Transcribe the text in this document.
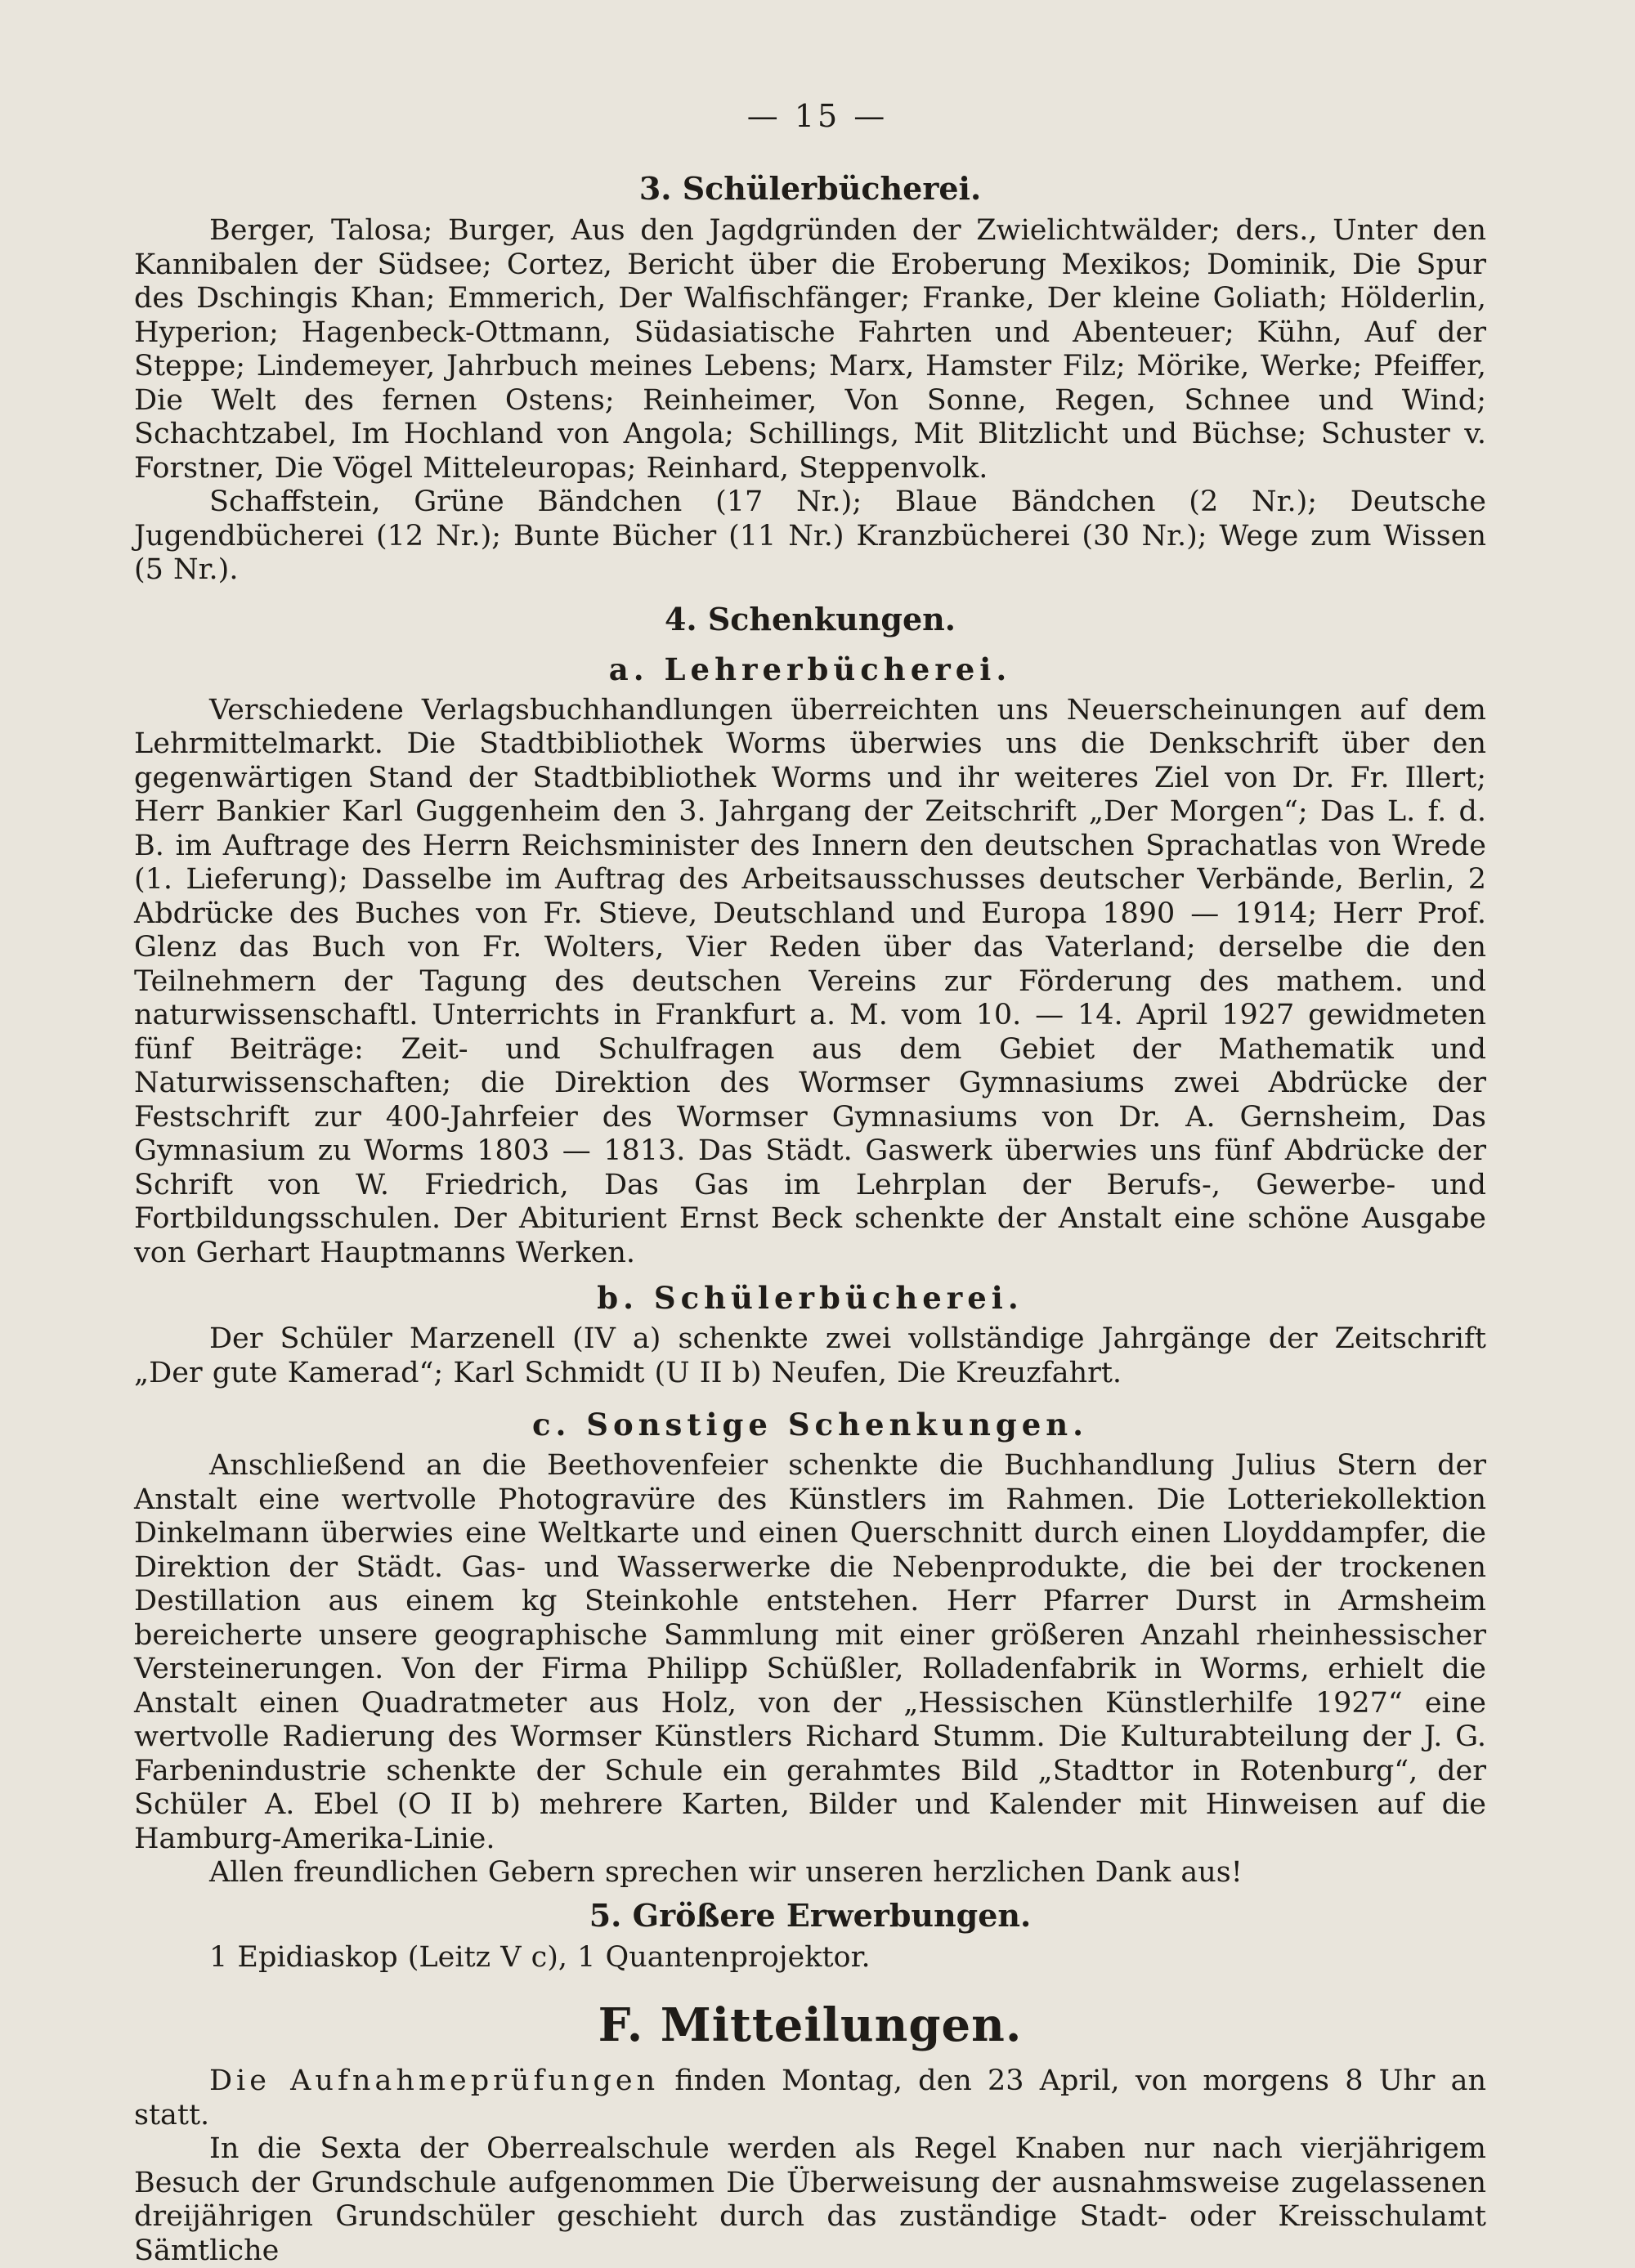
— 15 —
3. Schülerbücherei.

Berger, Talosa; Burger, Aus den Jagdgründen der Zwielichtwälder; ders., Unter den Kannibalen der Südsee; Cortez, Bericht über die Eroberung Mexikos; Dominik, Die Spur des Dschingis Khan; Emmerich, Der Walfischfänger; Franke, Der kleine Goliath; Hölderlin, Hyperion; Hagenbeck-Ottmann, Südasiatische Fahrten und Abenteuer; Kühn, Auf der Steppe; Lindemeyer, Jahrbuch meines Lebens; Marx, Hamster Filz; Mörike, Werke; Pfeiffer, Die Welt des fernen Ostens; Reinheimer, Von Sonne, Regen, Schnee und Wind; Schachtzabel, Im Hochland von Angola; Schillings, Mit Blitzlicht und Büchse; Schuster v. Forstner, Die Vögel Mitteleuropas; Reinhard, Steppenvolk.

Schaffstein, Grüne Bändchen (17 Nr.); Blaue Bändchen (2 Nr.); Deutsche Jugendbücherei (12 Nr.); Bunte Bücher (11 Nr.) Kranzbücherei (30 Nr.); Wege zum Wissen (5 Nr.).

4. Schenkungen.
a. Lehrerbücherei.

Verschiedene Verlagsbuchhandlungen überreichten uns Neuerscheinungen auf dem Lehrmittelmarkt. Die Stadtbibliothek Worms überwies uns die Denkschrift über den gegenwärtigen Stand der Stadtbibliothek Worms und ihr weiteres Ziel von Dr. Fr. Illert; Herr Bankier Karl Guggenheim den 3. Jahrgang der Zeitschrift „Der Morgen“; Das L. f. d. B. im Auftrage des Herrn Reichsminister des Innern den deutschen Sprachatlas von Wrede (1. Lieferung); Dasselbe im Auftrag des Arbeitsausschusses deutscher Verbände, Berlin, 2 Abdrücke des Buches von Fr. Stieve, Deutschland und Europa 1890 — 1914; Herr Prof. Glenz das Buch von Fr. Wolters, Vier Reden über das Vaterland; derselbe die den Teilnehmern der Tagung des deutschen Vereins zur Förderung des mathem. und naturwissenschaftl. Unterrichts in Frankfurt a. M. vom 10. — 14. April 1927 gewidmeten fünf Beiträge: Zeit- und Schulfragen aus dem Gebiet der Mathematik und Naturwissenschaften; die Direktion des Wormser Gymnasiums zwei Abdrücke der Festschrift zur 400-Jahrfeier des Wormser Gymnasiums von Dr. A. Gernsheim, Das Gymnasium zu Worms 1803 — 1813. Das Städt. Gaswerk überwies uns fünf Abdrücke der Schrift von W. Friedrich, Das Gas im Lehrplan der Berufs-, Gewerbe- und Fortbildungsschulen. Der Abiturient Ernst Beck schenkte der Anstalt eine schöne Ausgabe von Gerhart Hauptmanns Werken.

b. Schülerbücherei.

Der Schüler Marzenell (IV a) schenkte zwei vollständige Jahrgänge der Zeitschrift „Der gute Kamerad“; Karl Schmidt (U II b) Neufen, Die Kreuzfahrt.

c. Sonstige Schenkungen.

Anschließend an die Beethovenfeier schenkte die Buchhandlung Julius Stern der Anstalt eine wertvolle Photogravüre des Künstlers im Rahmen. Die Lotteriekollektion Dinkelmann überwies eine Weltkarte und einen Querschnitt durch einen Lloyddampfer, die Direktion der Städt. Gas- und Wasserwerke die Nebenprodukte, die bei der trockenen Destillation aus einem kg Steinkohle entstehen. Herr Pfarrer Durst in Armsheim bereicherte unsere geographische Sammlung mit einer größeren Anzahl rheinhessischer Versteinerungen. Von der Firma Philipp Schüßler, Rolladenfabrik in Worms, erhielt die Anstalt einen Quadratmeter aus Holz, von der „Hessischen Künstlerhilfe 1927“ eine wertvolle Radierung des Wormser Künstlers Richard Stumm. Die Kulturabteilung der J. G. Farbenindustrie schenkte der Schule ein gerahmtes Bild „Stadttor in Rotenburg“, der Schüler A. Ebel (O II b) mehrere Karten, Bilder und Kalender mit Hinweisen auf die Hamburg-Amerika-Linie.

Allen freundlichen Gebern sprechen wir unseren herzlichen Dank aus!

5. Größere Erwerbungen.

1 Epidiaskop (Leitz V c), 1 Quantenprojektor.

F. Mitteilungen.

Die Aufnahmeprüfungen finden Montag, den 23 April, von morgens 8 Uhr an statt.

In die Sexta der Oberrealschule werden als Regel Knaben nur nach vierjährigem Besuch der Grundschule aufgenommen Die Überweisung der ausnahmsweise zugelassenen dreijährigen Grundschüler geschieht durch das zuständige Stadt- oder Kreisschulamt Sämtliche
